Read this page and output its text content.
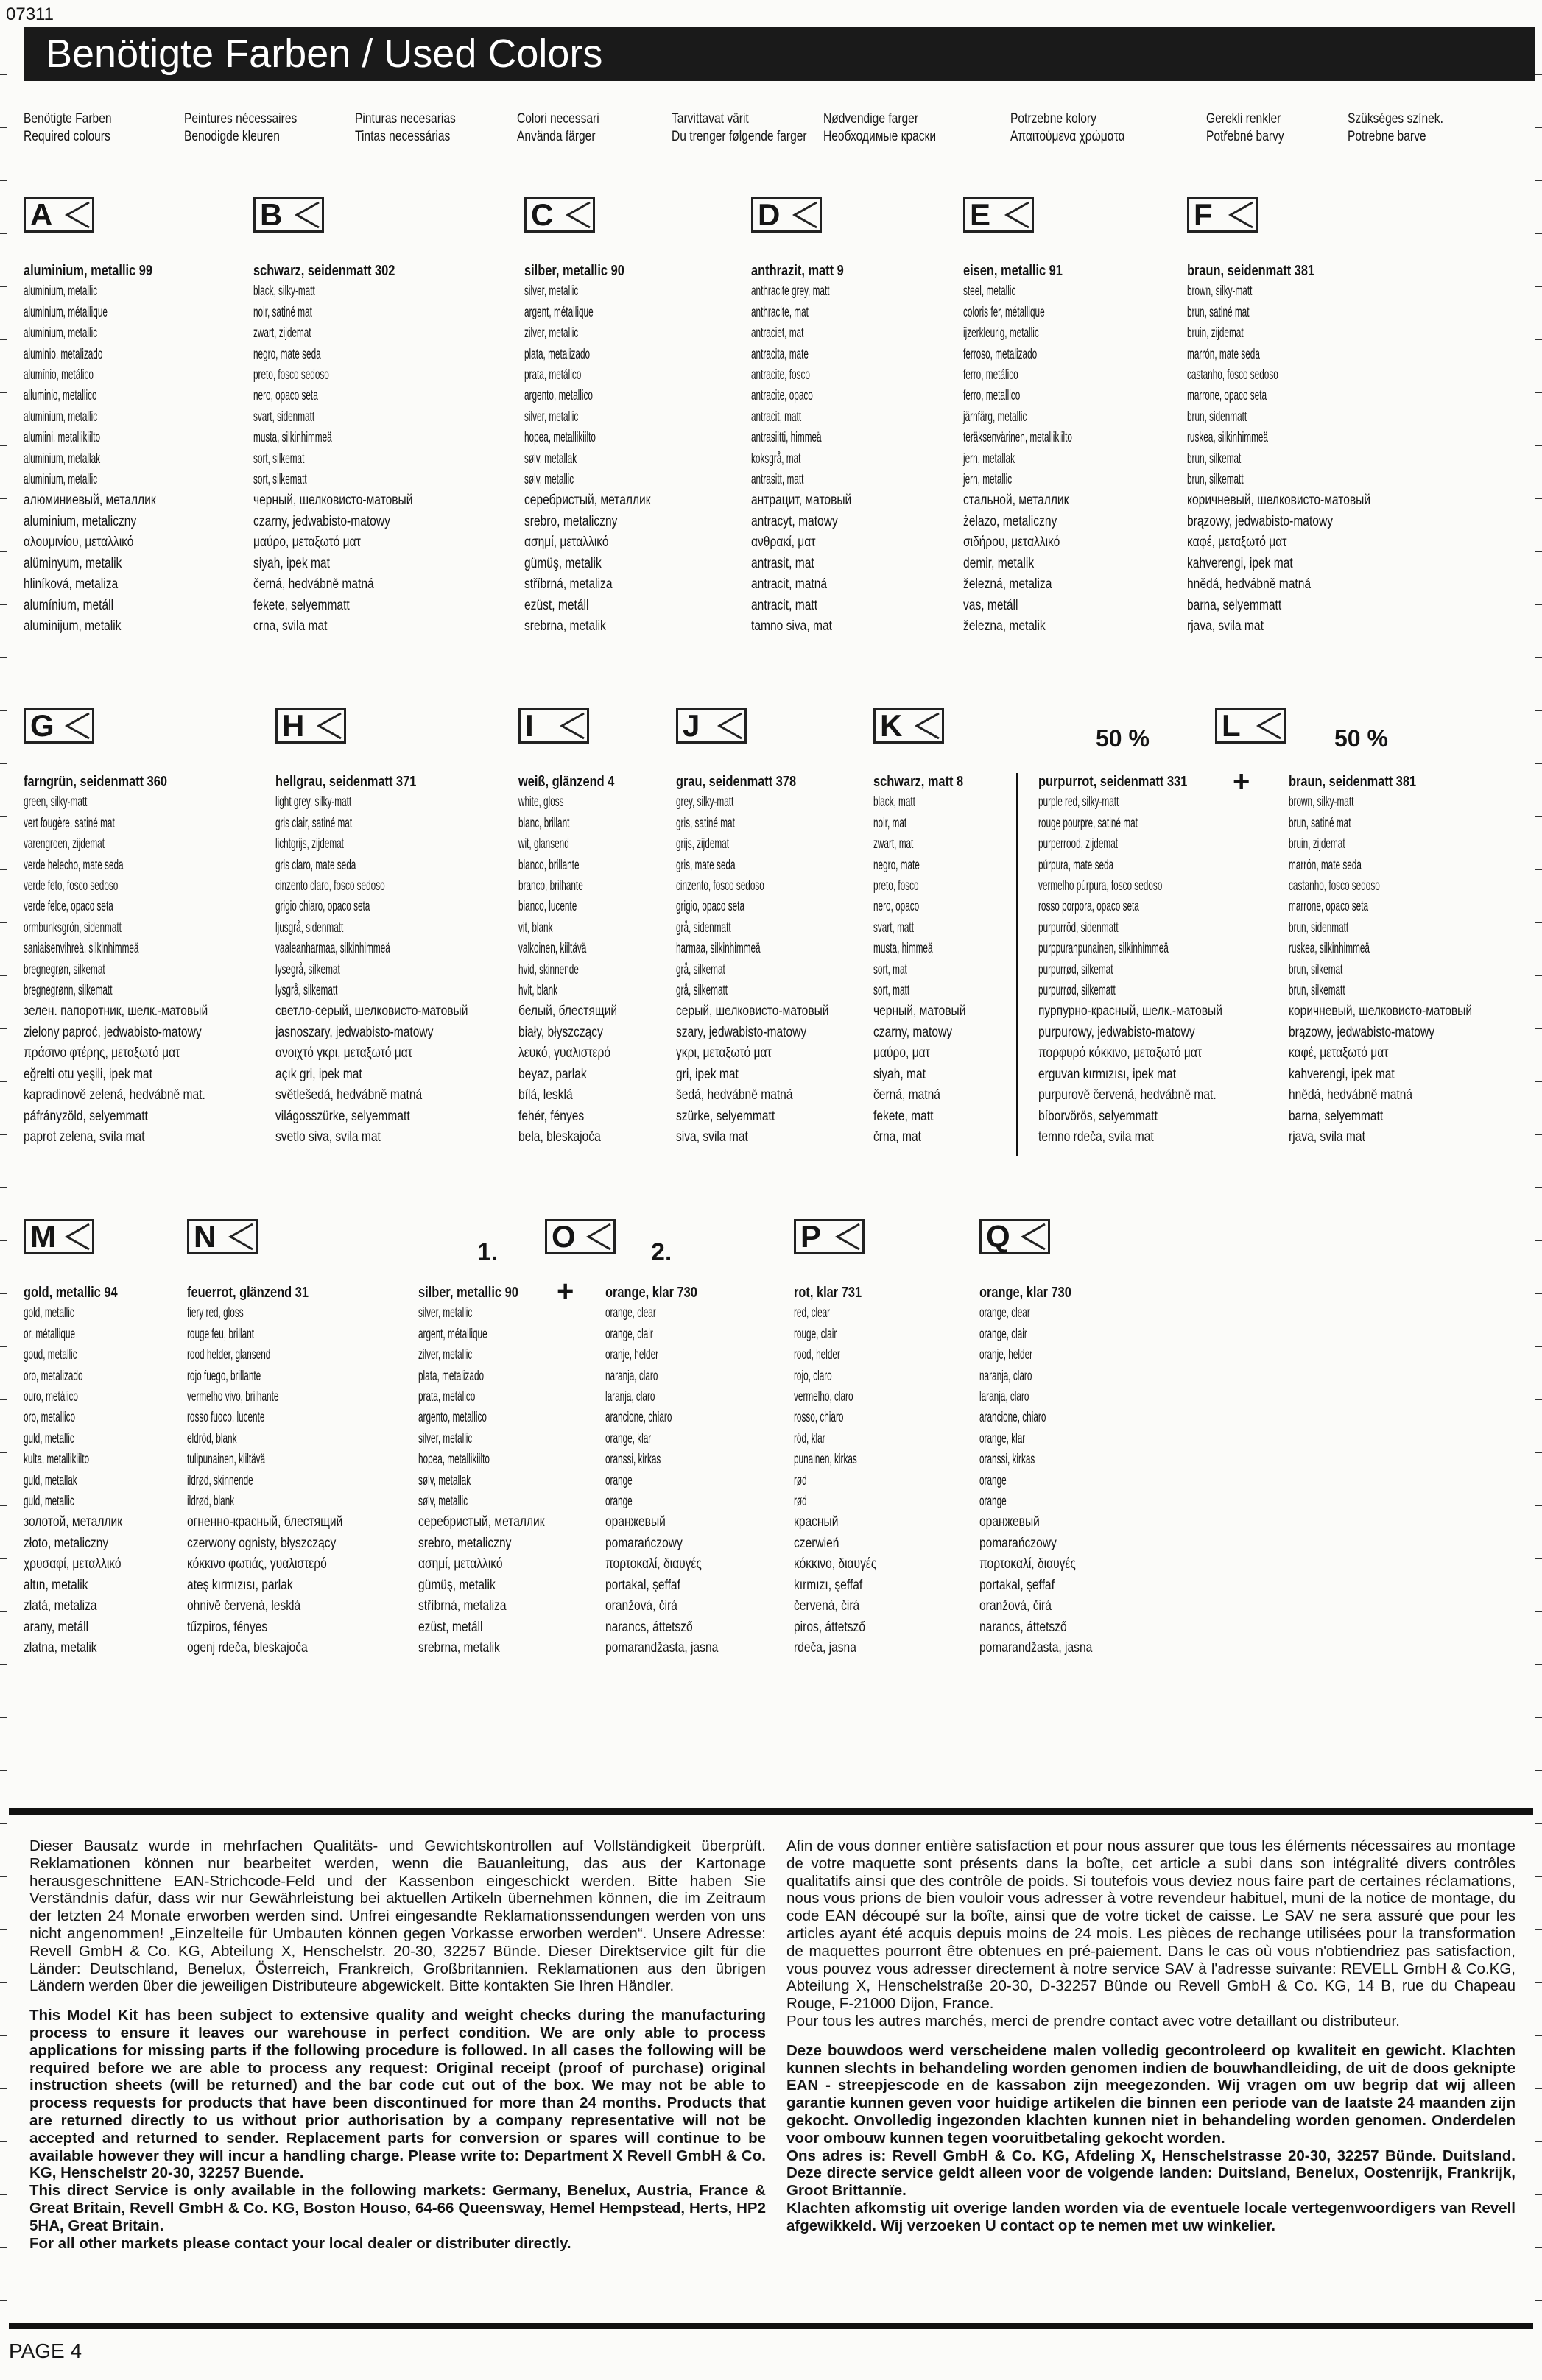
07311
Benötigte Farben / Used Colors
Benötigte Farben
Required colours
Peintures nécessaires
Benodigde kleuren
Pinturas necesarias
Tintas necessárias
Colori necessari
Använda färger
Tarvittavat värit
Du trenger følgende farger
Nødvendige farger
Необходимые краски
Potrzebne kolory
Απαιτούμενα χρώματα
Gerekli renkler
Potřebné barvy
Szükséges színek.
Potrebne barve
A
aluminium, metallic 99
aluminium, metallic
aluminium, métallique
aluminium, metallic
aluminio, metalizado
alumínio, metálico
alluminio, metallico
aluminium, metallic
alumiini, metallikiilto
aluminium, metallak
aluminium, metallic
алюминиевый, металлик
aluminium, metaliczny
αλουμινίου, μεταλλικό
alüminyum, metalik
hliníková, metaliza
alumínium, metáll
aluminijum, metalik
B
schwarz, seidenmatt 302
black, silky-matt
noir, satiné mat
zwart, zijdemat
negro, mate seda
preto, fosco sedoso
nero, opaco seta
svart, sidenmatt
musta, silkinhimmeä
sort, silkemat
sort, silkematt
черный, шелковисто-матовый
czarny, jedwabisto-matowy
μαύρο, μεταξωτό ματ
siyah, ipek mat
černá, hedvábně matná
fekete, selyemmatt
crna, svila mat
C
silber, metallic 90
silver, metallic
argent, métallique
zilver, metallic
plata, metalizado
prata, metálico
argento, metallico
silver, metallic
hopea, metallikiilto
sølv, metallak
sølv, metallic
серебристый, металлик
srebro, metaliczny
ασημί, μεταλλικό
gümüş, metalik
stříbrná, metaliza
ezüst, metáll
srebrna, metalik
D
anthrazit, matt 9
anthracite grey, matt
anthracite, mat
antraciet, mat
antracita, mate
antracite, fosco
antracite, opaco
antracit, matt
antrasiitti, himmeä
koksgrå, mat
antrasitt, matt
антрацит, матовый
antracyt, matowy
ανθρακί, ματ
antrasit, mat
antracit, matná
antracit, matt
tamno siva, mat
E
eisen, metallic 91
steel, metallic
coloris fer, métallique
ijzerkleurig, metallic
ferroso, metalizado
ferro, metálico
ferro, metallico
järnfärg, metallic
teräksenvärinen, metallikiilto
jern, metallak
jern, metallic
стальной, металлик
żelazo, metaliczny
σιδήρου, μεταλλικό
demir, metalik
železná, metaliza
vas, metáll
železna, metalik
F
braun, seidenmatt 381
brown, silky-matt
brun, satiné mat
bruin, zijdemat
marrón, mate seda
castanho, fosco sedoso
marrone, opaco seta
brun, sidenmatt
ruskea, silkinhimmeä
brun, silkemat
brun, silkematt
коричневый, шелковисто-матовый
brązowy, jedwabisto-matowy
καφέ, μεταξωτό ματ
kahverengi, ipek mat
hnědá, hedvábně matná
barna, selyemmatt
rjava, svila mat
G
farngrün, seidenmatt 360
green, silky-matt
vert fougère, satiné mat
varengroen, zijdemat
verde helecho, mate seda
verde feto, fosco sedoso
verde felce, opaco seta
ormbunksgrön, sidenmatt
saniaisenvihreä, silkinhimmeä
bregnegrøn, silkemat
bregnegrønn, silkematt
зелен. папоротник, шелк.-матовый
zielony paproć, jedwabisto-matowy
πράσινο φτέρης, μεταξωτό ματ
eğrelti otu yeşili, ipek mat
kapradinově zelená, hedvábně mat.
páfrányzöld, selyemmatt
paprot zelena, svila mat
H
hellgrau, seidenmatt 371
light grey, silky-matt
gris clair, satiné mat
lichtgrijs, zijdemat
gris claro, mate seda
cinzento claro, fosco sedoso
grigio chiaro, opaco seta
ljusgrå, sidenmatt
vaaleanharmaa, silkinhimmeä
lysegrå, silkemat
lysgrå, silkematt
светло-серый, шелковисто-матовый
jasnoszary, jedwabisto-matowy
ανοιχτό γκρι, μεταξωτό ματ
açık gri, ipek mat
světlešedá, hedvábně matná
világosszürke, selyemmatt
svetlo siva, svila mat
I
weiß, glänzend 4
white, gloss
blanc, brillant
wit, glansend
blanco, brillante
branco, brilhante
bianco, lucente
vit, blank
valkoinen, kiiltävä
hvid, skinnende
hvit, blank
белый, блестящий
biały, błyszczący
λευκό, γυαλιστερό
beyaz, parlak
bílá, lesklá
fehér, fényes
bela, bleskajoča
J
grau, seidenmatt 378
grey, silky-matt
gris, satiné mat
grijs, zijdemat
gris, mate seda
cinzento, fosco sedoso
grigio, opaco seta
grå, sidenmatt
harmaa, silkinhimmeä
grå, silkemat
grå, silkematt
серый, шелковисто-матовый
szary, jedwabisto-matowy
γκρι, μεταξωτό ματ
gri, ipek mat
šedá, hedvábně matná
szürke, selyemmatt
siva, svila mat
K
schwarz, matt 8
black, matt
noir, mat
zwart, mat
negro, mate
preto, fosco
nero, opaco
svart, matt
musta, himmeä
sort, mat
sort, matt
черный, матовый
czarny, matowy
μαύρο, ματ
siyah, mat
černá, matná
fekete, matt
črna, mat
purpurrot, seidenmatt 331
purple red, silky-matt
rouge pourpre, satiné mat
purperrood, zijdemat
púrpura, mate seda
vermelho púrpura, fosco sedoso
rosso porpora, opaco seta
purpurröd, sidenmatt
purppuranpunainen, silkinhimmeä
purpurrød, silkemat
purpurrød, silkematt
пурпурно-красный, шелк.-матовый
purpurowy, jedwabisto-matowy
πορφυρό κόκκινο, μεταξωτό ματ
erguvan kırmızısı, ipek mat
purpurově červená, hedvábně mat.
bíborvörös, selyemmatt
temno rdeča, svila mat
L
braun, seidenmatt 381
brown, silky-matt
brun, satiné mat
bruin, zijdemat
marrón, mate seda
castanho, fosco sedoso
marrone, opaco seta
brun, sidenmatt
ruskea, silkinhimmeä
brun, silkemat
brun, silkematt
коричневый, шелковисто-матовый
brązowy, jedwabisto-matowy
καφέ, μεταξωτό ματ
kahverengi, ipek mat
hnědá, hedvábně matná
barna, selyemmatt
rjava, svila mat
M
gold, metallic 94
gold, metallic
or, métallique
goud, metallic
oro, metalizado
ouro, metálico
oro, metallico
guld, metallic
kulta, metallikiilto
guld, metallak
guld, metallic
золотой, металлик
złoto, metaliczny
χρυσαφί, μεταλλικό
altın, metalik
zlatá, metaliza
arany, metáll
zlatna, metalik
N
feuerrot, glänzend 31
fiery red, gloss
rouge feu, brillant
rood helder, glansend
rojo fuego, brillante
vermelho vivo, brilhante
rosso fuoco, lucente
eldröd, blank
tulipunainen, kiiltävä
ildrød, skinnende
ildrød, blank
огненно-красный, блестящий
czerwony ognisty, błyszczący
κόκκινο φωτιάς, γυαλιστερό
ateş kırmızısı, parlak
ohnivě červená, lesklá
tűzpiros, fényes
ogenj rdeča, bleskajoča
silber, metallic 90
silver, metallic
argent, métallique
zilver, metallic
plata, metalizado
prata, metálico
argento, metallico
silver, metallic
hopea, metallikiilto
sølv, metallak
sølv, metallic
серебристый, металлик
srebro, metaliczny
ασημί, μεταλλικό
gümüş, metalik
stříbrná, metaliza
ezüst, metáll
srebrna, metalik
O
orange, klar 730
orange, clear
orange, clair
oranje, helder
naranja, claro
laranja, claro
arancione, chiaro
orange, klar
oranssi, kirkas
orange
orange
оранжевый
pomarańczowy
πορτοκαλί, διαυγές
portakal, şeffaf
oranžová, čirá
narancs, áttetsző
pomarandžasta, jasna
P
rot, klar 731
red, clear
rouge, clair
rood, helder
rojo, claro
vermelho, claro
rosso, chiaro
röd, klar
punainen, kirkas
rød
rød
красный
czerwień
κόκκινο, διαυγές
kırmızı, şeffaf
červená, čirá
piros, áttetsző
rdeča, jasna
Q
orange, klar 730
orange, clear
orange, clair
oranje, helder
naranja, claro
laranja, claro
arancione, chiaro
orange, klar
oranssi, kirkas
orange
orange
оранжевый
pomarańczowy
πορτοκαλί, διαυγές
portakal, şeffaf
oranžová, čirá
narancs, áttetsző
pomarandžasta, jasna
50 %	50 %
+
+
1.	2.

Dieser Bausatz wurde in mehrfachen Qualitäts- und Gewichtskontrollen auf Vollständigkeit überprüft. Reklamationen können nur bearbeitet werden, wenn die Bauanleitung, das aus der Kartonage herausgeschnittene EAN-Strichcode-Feld und der Kassenbon eingeschickt werden. Bitte haben Sie Verständnis dafür, dass wir nur Gewährleistung bei aktuellen Artikeln übernehmen können, die im Zeitraum der letzten 24 Monate erworben werden sind. Unfrei eingesandte Reklamationssendungen werden von uns nicht angenommen! „Einzelteile für Umbauten können gegen Vorkasse erworben werden“. Unsere Adresse: Revell GmbH & Co. KG, Abteilung X, Henschelstr. 20-30, 32257 Bünde. Dieser Direktservice gilt für die Länder: Deutschland, Benelux, Österreich, Frankreich, Großbritannien. Reklamationen aus den übrigen Ländern werden über die jeweiligen Distributeure abgewickelt. Bitte kontakten Sie Ihren Händler.

This Model Kit has been subject to extensive quality and weight checks during the manufacturing process to ensure it leaves our warehouse in perfect condition. We are only able to process applications for missing parts if the following procedure is followed. In all cases the following will be required before we are able to process any request: Original receipt (proof of purchase) original instruction sheets (will be returned) and the bar code cut out of the box. We may not be able to process requests for products that have been discontinued for more than 24 months. Products that are returned directly to us without prior authorisation by a company representative will not be accepted and returned to sender. Replacement parts for conversion or spares will continue to be available however they will incur a handling charge. Please write to: Department X Revell GmbH & Co. KG, Henschelstr 20-30, 32257 Buende.

This direct Service is only available in the following markets: Germany, Benelux, Austria, France & Great Britain, Revell GmbH & Co. KG, Boston Houso, 64-66 Queensway, Hemel Hempstead, Herts, HP2 5HA, Great Britain.

For all other markets please contact your local dealer or distributer directly.

Afin de vous donner entière satisfaction et pour nous assurer que tous les éléments nécessaires au montage de votre maquette sont présents dans la boîte, cet article a subi dans son intégralité divers contrôles qualitatifs ainsi que des contrôle de poids. Si toutefois vous deviez nous faire part de certaines réclamations, nous vous prions de bien vouloir vous adresser à votre revendeur habituel, muni de la notice de montage, du code EAN découpé sur la boîte, ainsi que de votre ticket de caisse. Le SAV ne sera assuré que pour les articles ayant été acquis depuis moins de 24 mois. Les pièces de rechange utilisées pour la transformation de maquettes pourront être obtenues en pré-paiement. Dans le cas où vous n'obtiendriez pas satisfaction, vous pouvez vous adresser directement à notre service SAV à l'adresse suivante: REVELL GmbH & Co.KG, Abteilung X, Henschelstraße 20-30, D-32257 Bünde ou Revell GmbH & Co. KG, 14 B, rue du Chapeau Rouge, F-21000 Dijon, France.

Pour tous les autres marchés, merci de prendre contact avec votre detaillant ou distributeur.

Deze bouwdoos werd verscheidene malen volledig gecontroleerd op kwaliteit en gewicht. Klachten kunnen slechts in behandeling worden genomen indien de bouwhandleiding, de uit de doos geknipte EAN - streepjescode en de kassabon zijn meegezonden. Wij vragen om uw begrip dat wij alleen garantie kunnen geven voor huidige artikelen die binnen een periode van de laatste 24 maanden zijn gekocht. Onvolledig ingezonden klachten kunnen niet in behandeling worden genomen. Onderdelen voor ombouw kunnen tegen vooruitbetaling gekocht worden.

Ons adres is: Revell GmbH & Co. KG, Afdeling X, Henschelstrasse 20-30, 32257 Bünde. Duitsland. Deze directe service geldt alleen voor de volgende landen: Duitsland, Benelux, Oostenrijk, Frankrijk, Groot Brittannïe.

Klachten afkomstig uit overige landen worden via de eventuele locale vertegenwoordigers van Revell afgewikkeld. Wij verzoeken U contact op te nemen met uw winkelier.

PAGE 4
